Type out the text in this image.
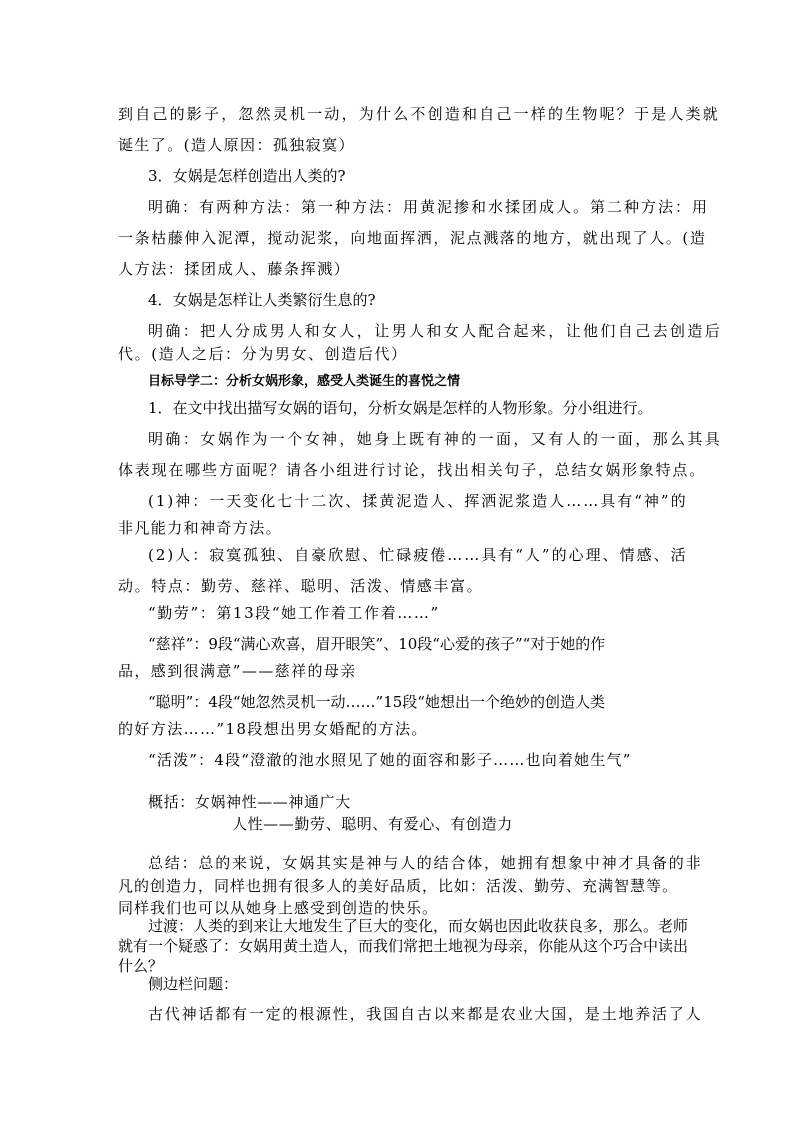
到自己的影子，忽然灵机一动，为什么不创造和自己一样的生物呢？于是人类就
诞生了。(造人原因：孤独寂寞）
3．女娲是怎样创造出人类的?
明确：有两种方法：第一种方法：用黄泥掺和水揉团成人。第二种方法：用
一条枯藤伸入泥潭，搅动泥浆，向地面挥洒，泥点溅落的地方，就出现了人。(造
人方法：揉团成人、藤条挥溅）
4．女娲是怎样让人类繁衍生息的?
明确：把人分成男人和女人，让男人和女人配合起来，让他们自己去创造后
代。(造人之后：分为男女、创造后代）
目标导学二：分析女娲形象，感受人类诞生的喜悦之情
1．在文中找出描写女娲的语句，分析女娲是怎样的人物形象。分小组进行。
明确：女娲作为一个女神，她身上既有神的一面，又有人的一面，那么其具
体表现在哪些方面呢？请各小组进行讨论，找出相关句子，总结女娲形象特点。
(1)神：一天变化七十二次、揉黄泥造人、挥洒泥浆造人……具有“神”的
非凡能力和神奇方法。
(2)人：寂寞孤独、自豪欣慰、忙碌疲倦……具有“人”的心理、情感、活
动。特点：勤劳、慈祥、聪明、活泼、情感丰富。
“勤劳”：第13段“她工作着工作着……”
“慈祥”：9段“满心欢喜，眉开眼笑”、10段“心爱的孩子”“对于她的作
品，感到很满意”——慈祥的母亲
“聪明”：4段“她忽然灵机一动……”15段“她想出一个绝妙的创造人类
的好方法……”18段想出男女婚配的方法。
“活泼”：4段“澄澈的池水照见了她的面容和影子……也向着她生气”
概括：女娲神性——神通广大
人性——勤劳、聪明、有爱心、有创造力
总结：总的来说，女娲其实是神与人的结合体，她拥有想象中神才具备的非
凡的创造力，同样也拥有很多人的美好品质，比如：活泼、勤劳、充满智慧等。
同样我们也可以从她身上感受到创造的快乐。
过渡：人类的到来让大地发生了巨大的变化，而女娲也因此收获良多，那么。老师
就有一个疑惑了：女娲用黄土造人，而我们常把土地视为母亲，你能从这个巧合中读出
什么？
侧边栏问题：
古代神话都有一定的根源性，我国自古以来都是农业大国，是土地养活了人
